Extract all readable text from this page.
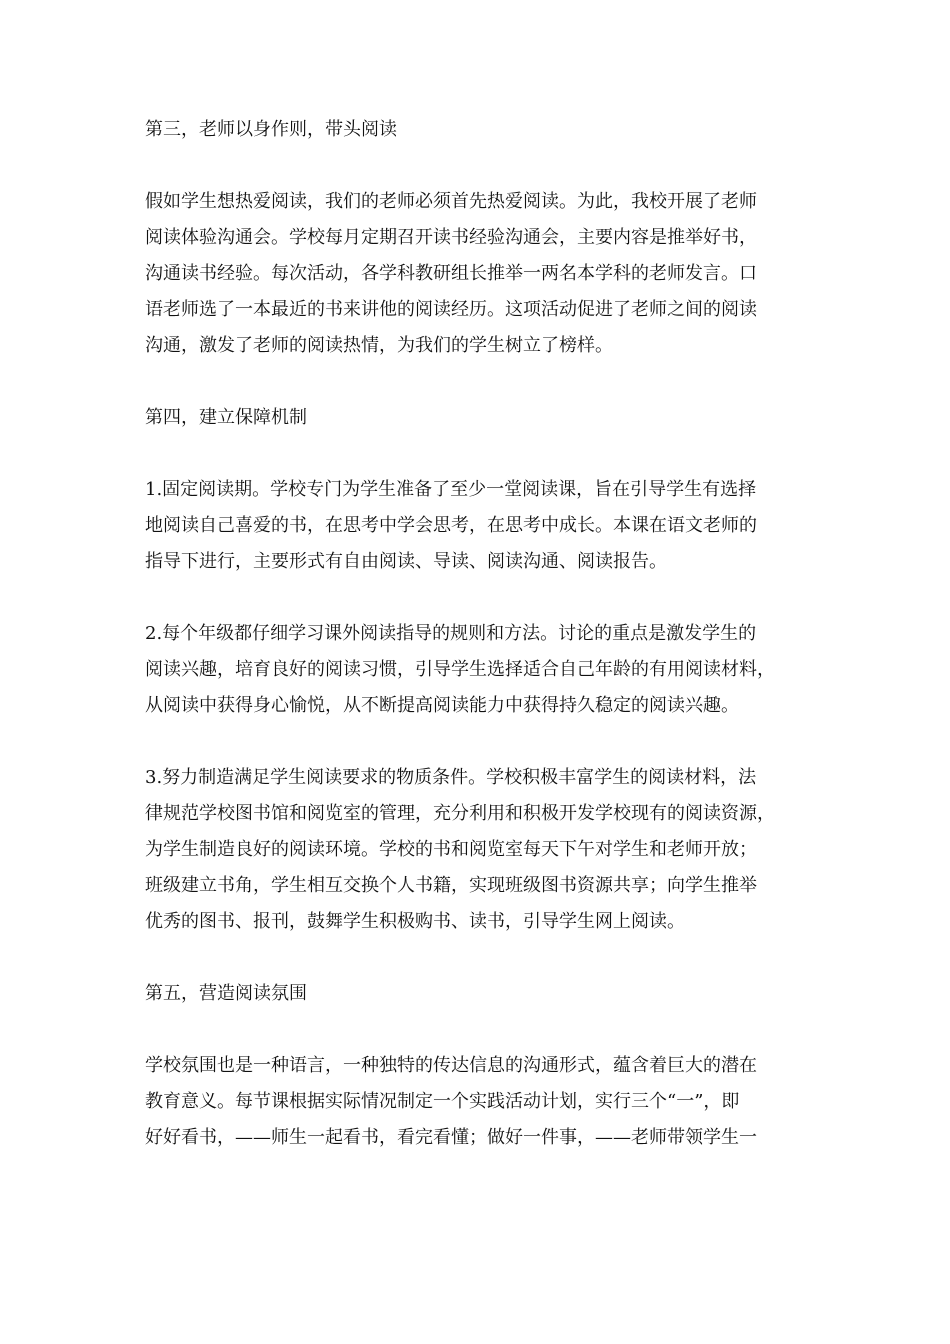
第三，老师以身作则，带头阅读
假如学生想热爱阅读，我们的老师必须首先热爱阅读。为此，我校开展了老师
阅读体验沟通会。学校每月定期召开读书经验沟通会，主要内容是推举好书，
沟通读书经验。每次活动，各学科教研组长推举一两名本学科的老师发言。口
语老师选了一本最近的书来讲他的阅读经历。这项活动促进了老师之间的阅读
沟通，激发了老师的阅读热情，为我们的学生树立了榜样。
第四，建立保障机制
1.固定阅读期。学校专门为学生准备了至少一堂阅读课，旨在引导学生有选择
地阅读自己喜爱的书，在思考中学会思考，在思考中成长。本课在语文老师的
指导下进行，主要形式有自由阅读、导读、阅读沟通、阅读报告。
2.每个年级都仔细学习课外阅读指导的规则和方法。讨论的重点是激发学生的
阅读兴趣，培育良好的阅读习惯，引导学生选择适合自己年龄的有用阅读材料，
从阅读中获得身心愉悦，从不断提高阅读能力中获得持久稳定的阅读兴趣。
3.努力制造满足学生阅读要求的物质条件。学校积极丰富学生的阅读材料，法
律规范学校图书馆和阅览室的管理，充分利用和积极开发学校现有的阅读资源，
为学生制造良好的阅读环境。学校的书和阅览室每天下午对学生和老师开放；
班级建立书角，学生相互交换个人书籍，实现班级图书资源共享；向学生推举
优秀的图书、报刊，鼓舞学生积极购书、读书，引导学生网上阅读。
第五，营造阅读氛围
学校氛围也是一种语言，一种独特的传达信息的沟通形式，蕴含着巨大的潜在
教育意义。每节课根据实际情况制定一个实践活动计划，实行三个“一”，即
好好看书，——师生一起看书，看完看懂；做好一件事，——老师带领学生一
